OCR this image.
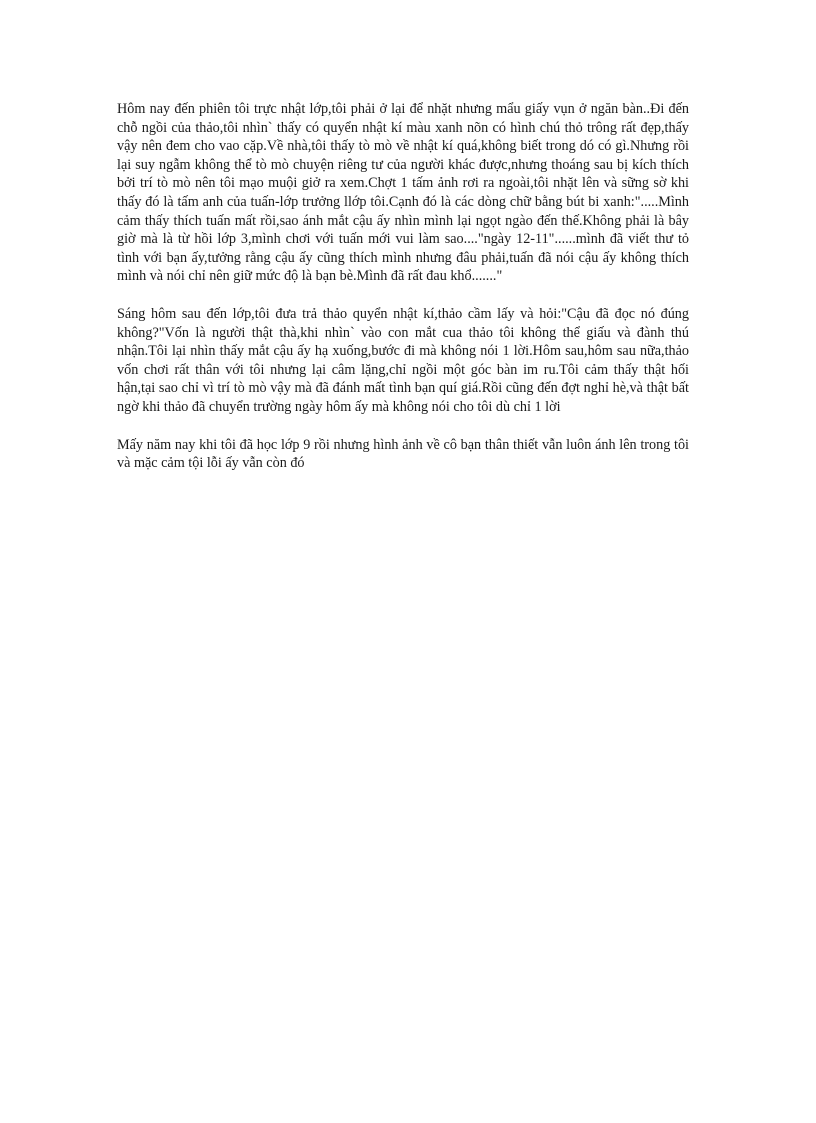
Hôm nay đến phiên tôi trực nhật lớp,tôi phải ở lại để nhặt nhưng mẩu giấy vụn ở ngăn bàn..Đi đến chỗ ngồi của thảo,tôi nhìn` thấy có quyển nhật kí màu xanh nõn có hình chú thỏ trông rất đẹp,thấy vậy nên đem cho vao cặp.Về nhà,tôi thấy tò mò về nhật kí quá,không biết trong dó có gì.Nhưng rồi lại suy ngẫm không thể tò mò chuyện riêng tư của người khác được,nhưng thoáng sau bị kích thích bởi trí tò mò nên tôi mạo muội giở ra xem.Chợt 1 tấm ảnh rơi ra ngoài,tôi nhặt lên và sững sờ khi thấy đó là tấm anh của tuấn-lớp trưởng llớp tôi.Cạnh đó là các dòng chữ bằng bút bi xanh:".....Mình cảm thấy thích tuấn mất rồi,sao ánh mắt cậu ấy nhìn mình lại ngọt ngào đến thế.Không phải là bây giờ mà là từ hồi lớp 3,mình chơi với tuấn mới vui làm sao...."ngày 12-11"......mình đã viết thư tỏ tình với bạn ấy,tưởng rằng cậu ấy cũng thích mình nhưng đâu phải,tuấn đã nói cậu ấy không thích mình và nói chỉ nên giữ mức độ là bạn bè.Mình đã rất đau khổ......."

Sáng hôm sau đến lớp,tôi đưa trả thảo quyển nhật kí,thảo cầm lấy và hỏi:"Cậu đã đọc nó đúng không?"Vốn là người thật thà,khi nhìn` vào con mắt cua thảo tôi không thể giấu và đành thú nhận.Tôi lại nhìn thấy mắt cậu ấy hạ xuống,bước đi mà không nói 1 lời.Hôm sau,hôm sau nữa,thảo vốn chơi rất thân với tôi nhưng lại câm lặng,chỉ ngồi một góc bàn im ru.Tôi cảm thấy thật hối hận,tại sao chỉ vì trí tò mò vậy mà đã đánh mất tình bạn quí giá.Rồi cũng đến đợt nghỉ hè,và thật bất ngờ khi thảo đã chuyển trường ngày hôm ấy mà không nói cho tôi dù chỉ 1 lời

Mấy năm nay khi tôi đã học lớp 9 rồi nhưng hình ảnh về cô bạn thân thiết vẫn luôn ánh lên trong tôi và mặc cảm tội lỗi ấy vẫn còn đó
